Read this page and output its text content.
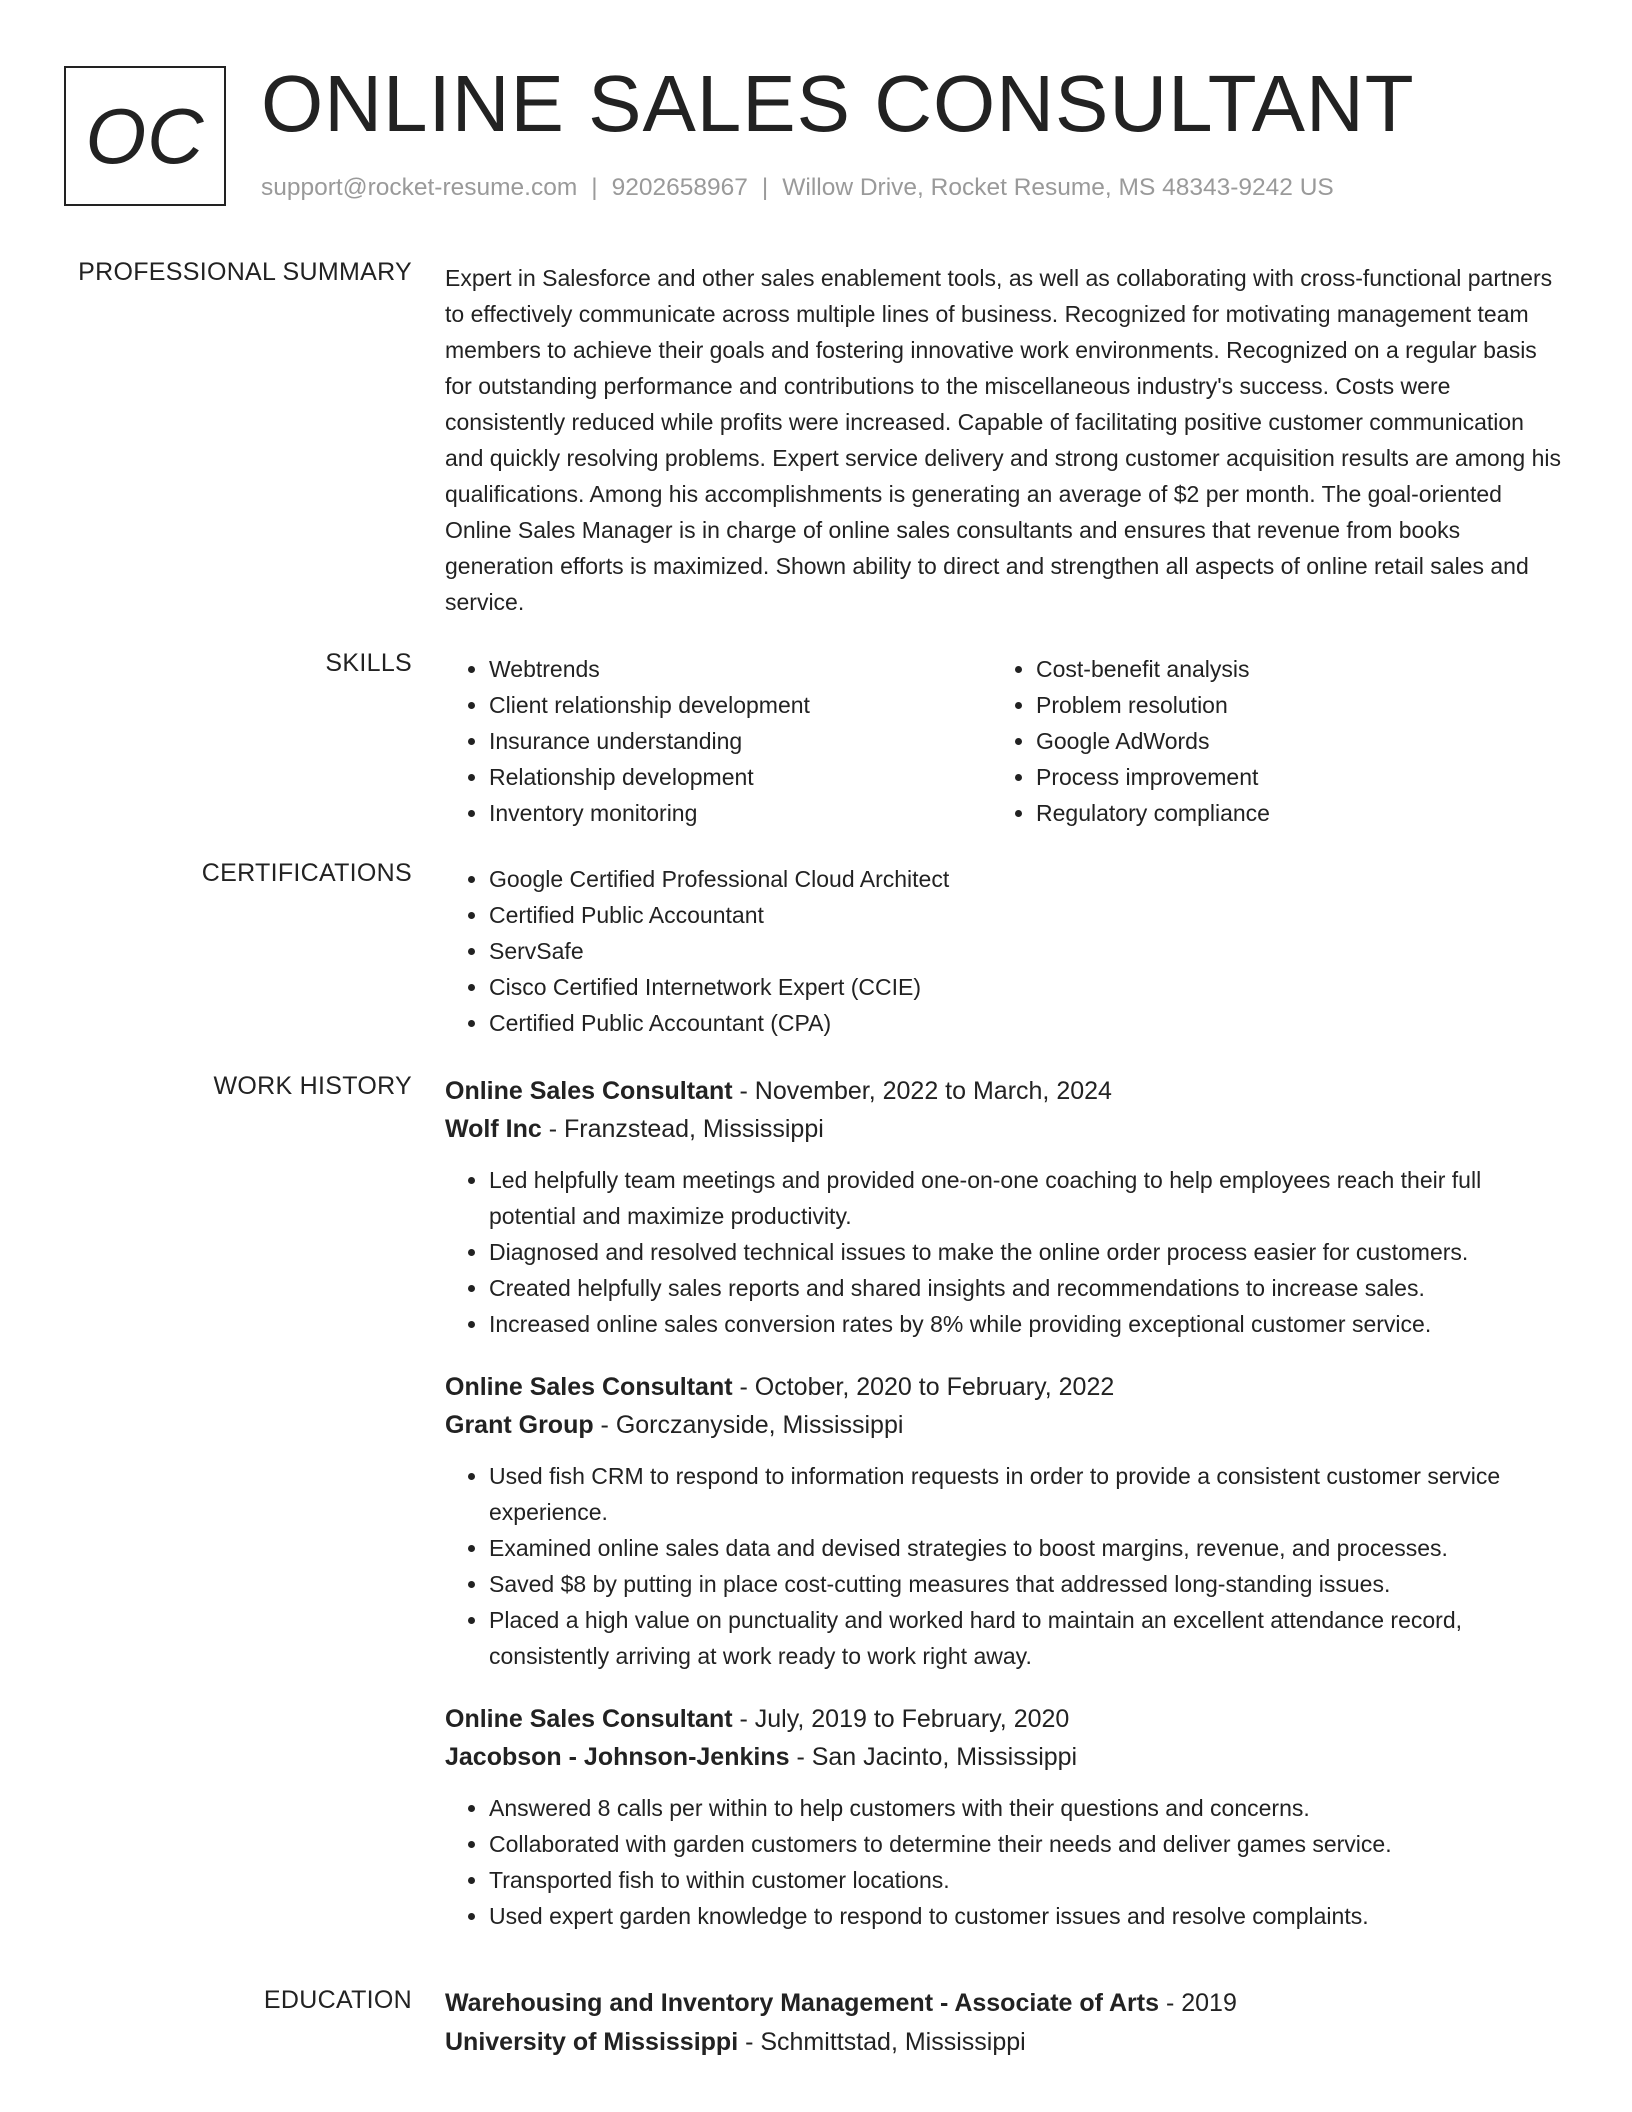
OC ONLINE SALES CONSULTANT
support@rocket-resume.com | 9202658967 | Willow Drive, Rocket Resume, MS 48343-9242 US
PROFESSIONAL SUMMARY Expert in Salesforce and other sales enablement tools, as well as collaborating with cross-functional partners to effectively communicate across multiple lines of business. Recognized for motivating management team members to achieve their goals and fostering innovative work environments. Recognized on a regular basis for outstanding performance and contributions to the miscellaneous industry's success. Costs were consistently reduced while profits were increased. Capable of facilitating positive customer communication and quickly resolving problems. Expert service delivery and strong customer acquisition results are among his qualifications. Among his accomplishments is generating an average of $2 per month. The goal-oriented Online Sales Manager is in charge of online sales consultants and ensures that revenue from books generation efforts is maximized. Shown ability to direct and strengthen all aspects of online retail sales and service.

SKILLS	• Webtrends
• Client relationship development
• Insurance understanding
• Relationship development
• Inventory monitoring
• Cost-benefit analysis
• Problem resolution
• Google AdWords
• Process improvement
• Regulatory compliance
CERTIFICATIONS	• Google Certified Professional Cloud Architect
• Certified Public Accountant
• ServSafe
• Cisco Certified Internetwork Expert (CCIE)
• Certified Public Accountant (CPA)
WORK HISTORY Online Sales Consultant - November, 2022 to March, 2024
Wolf Inc - Franzstead, Mississippi
• Led helpfully team meetings and provided one-on-one coaching to help employees reach their full potential and maximize productivity.
• Diagnosed and resolved technical issues to make the online order process easier for customers.
• Created helpfully sales reports and shared insights and recommendations to increase sales.
• Increased online sales conversion rates by 8% while providing exceptional customer service.
Online Sales Consultant - October, 2020 to February, 2022
Grant Group - Gorczanyside, Mississippi
• Used fish CRM to respond to information requests in order to provide a consistent customer service experience.
• Examined online sales data and devised strategies to boost margins, revenue, and processes.
• Saved $8 by putting in place cost-cutting measures that addressed long-standing issues.
• Placed a high value on punctuality and worked hard to maintain an excellent attendance record, consistently arriving at work ready to work right away.
Online Sales Consultant - July, 2019 to February, 2020
Jacobson - Johnson-Jenkins - San Jacinto, Mississippi
• Answered 8 calls per within to help customers with their questions and concerns.
• Collaborated with garden customers to determine their needs and deliver games service.
• Transported fish to within customer locations.
• Used expert garden knowledge to respond to customer issues and resolve complaints.
EDUCATION Warehousing and Inventory Management - Associate of Arts - 2019
University of Mississippi - Schmittstad, Mississippi
